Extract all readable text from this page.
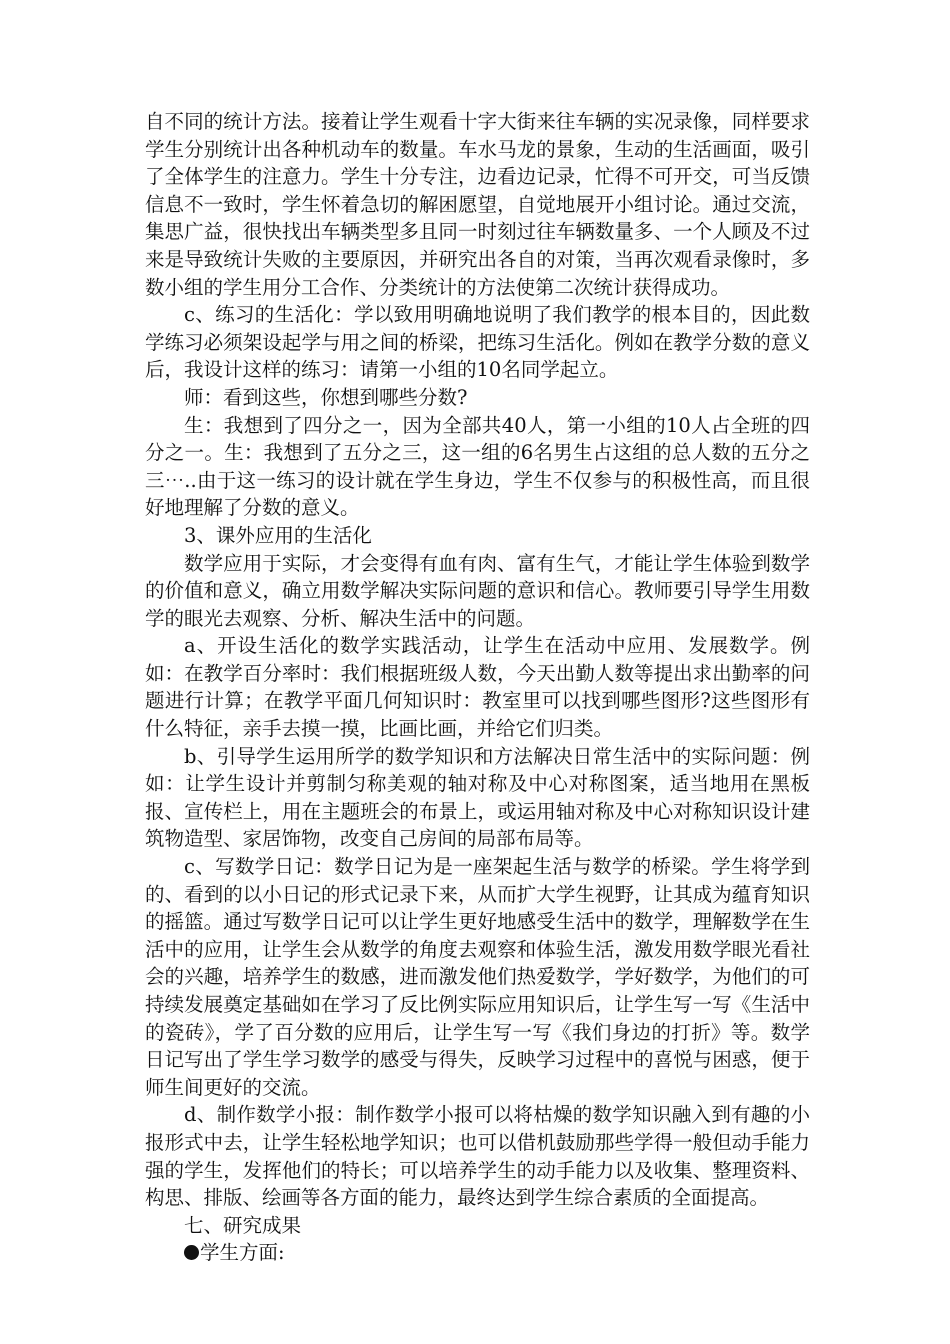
自不同的统计方法。接着让学生观看十字大街来往车辆的实况录像，同样要求学生分别统计出各种机动车的数量。车水马龙的景象，生动的生活画面，吸引了全体学生的注意力。学生十分专注，边看边记录，忙得不可开交，可当反馈信息不一致时，学生怀着急切的解困愿望，自觉地展开小组讨论。通过交流，集思广益，很快找出车辆类型多且同一时刻过往车辆数量多、一个人顾及不过来是导致统计失败的主要原因，并研究出各自的对策，当再次观看录像时，多数小组的学生用分工合作、分类统计的方法使第二次统计获得成功。

c、练习的生活化：学以致用明确地说明了我们教学的根本目的，因此数学练习必须架设起学与用之间的桥梁，把练习生活化。例如在教学分数的意义后，我设计这样的练习：请第一小组的10名同学起立。

师：看到这些，你想到哪些分数?

生：我想到了四分之一，因为全部共40人，第一小组的10人占全班的四分之一。生：我想到了五分之三，这一组的6名男生占这组的总人数的五分之三⋯..由于这一练习的设计就在学生身边，学生不仅参与的积极性高，而且很好地理解了分数的意义。

3、课外应用的生活化

数学应用于实际，才会变得有血有肉、富有生气，才能让学生体验到数学的价值和意义，确立用数学解决实际问题的意识和信心。教师要引导学生用数学的眼光去观察、分析、解决生活中的问题。

a、开设生活化的数学实践活动，让学生在活动中应用、发展数学。例如：在教学百分率时：我们根据班级人数，今天出勤人数等提出求出勤率的问题进行计算；在教学平面几何知识时：教室里可以找到哪些图形?这些图形有什么特征，亲手去摸一摸，比画比画，并给它们归类。

b、引导学生运用所学的数学知识和方法解决日常生活中的实际问题：例如：让学生设计并剪制匀称美观的轴对称及中心对称图案，适当地用在黑板报、宣传栏上，用在主题班会的布景上，或运用轴对称及中心对称知识设计建筑物造型、家居饰物，改变自己房间的局部布局等。

c、写数学日记：数学日记为是一座架起生活与数学的桥梁。学生将学到的、看到的以小日记的形式记录下来，从而扩大学生视野，让其成为蕴育知识的摇篮。通过写数学日记可以让学生更好地感受生活中的数学，理解数学在生活中的应用，让学生会从数学的角度去观察和体验生活，激发用数学眼光看社会的兴趣，培养学生的数感，进而激发他们热爱数学，学好数学，为他们的可持续发展奠定基础如在学习了反比例实际应用知识后，让学生写一写《生活中的瓷砖》，学了百分数的应用后，让学生写一写《我们身边的打折》等。数学日记写出了学生学习数学的感受与得失，反映学习过程中的喜悦与困惑，便于师生间更好的交流。

d、制作数学小报：制作数学小报可以将枯燥的数学知识融入到有趣的小报形式中去，让学生轻松地学知识；也可以借机鼓励那些学得一般但动手能力强的学生，发挥他们的特长；可以培养学生的动手能力以及收集、整理资料、构思、排版、绘画等各方面的能力，最终达到学生综合素质的全面提高。

七、研究成果

学生方面:
